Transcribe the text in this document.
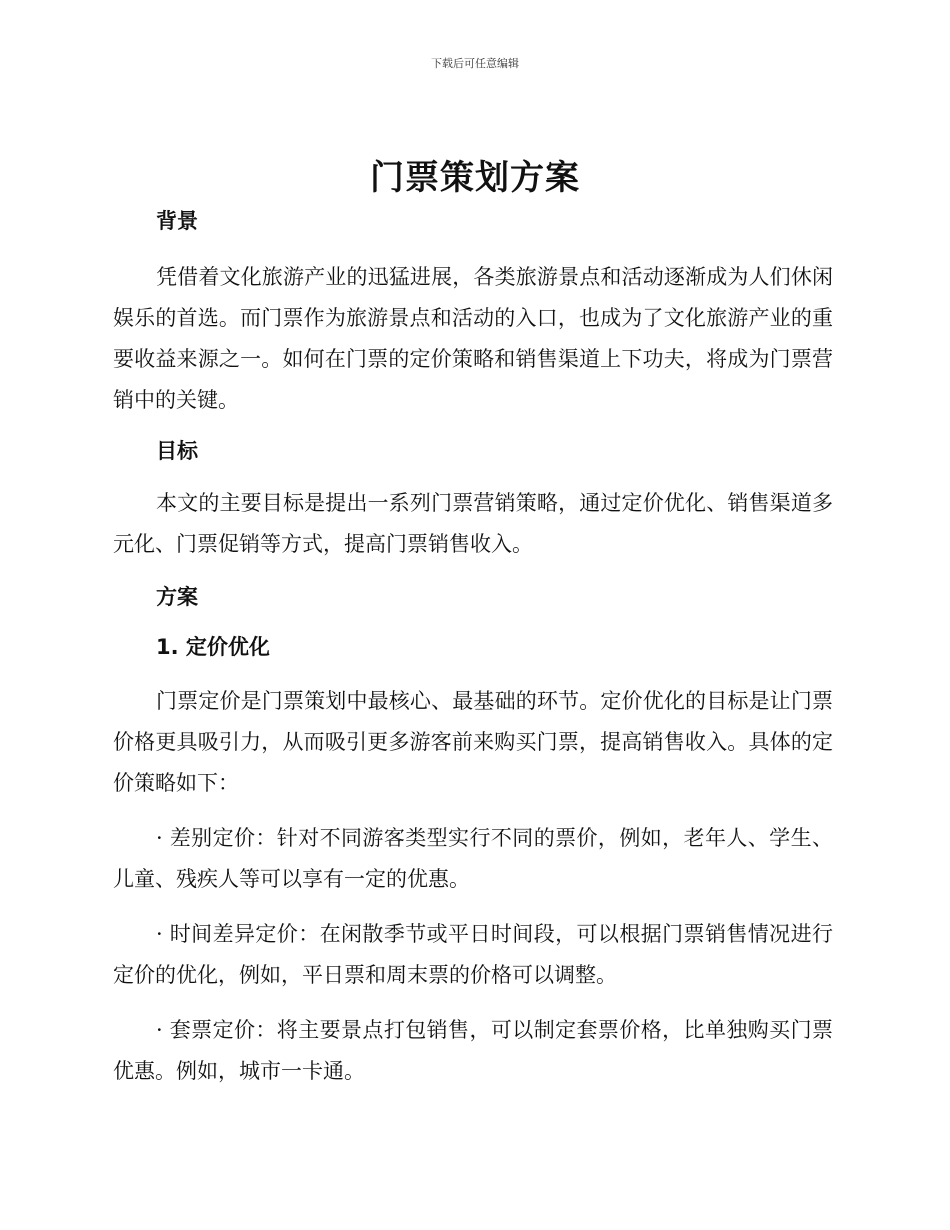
下载后可任意编辑
门票策划方案
背景

凭借着文化旅游产业的迅猛进展，各类旅游景点和活动逐渐成为人们休闲娱乐的首选。而门票作为旅游景点和活动的入口，也成为了文化旅游产业的重要收益来源之一。如何在门票的定价策略和销售渠道上下功夫，将成为门票营销中的关键。

目标

本文的主要目标是提出一系列门票营销策略，通过定价优化、销售渠道多元化、门票促销等方式，提高门票销售收入。

方案
1. 定价优化

门票定价是门票策划中最核心、最基础的环节。定价优化的目标是让门票价格更具吸引力，从而吸引更多游客前来购买门票，提高销售收入。具体的定价策略如下：

· 差别定价：针对不同游客类型实行不同的票价，例如，老年人、学生、儿童、残疾人等可以享有一定的优惠。

· 时间差异定价：在闲散季节或平日时间段，可以根据门票销售情况进行定价的优化，例如，平日票和周末票的价格可以调整。

· 套票定价：将主要景点打包销售，可以制定套票价格，比单独购买门票优惠。例如，城市一卡通。
